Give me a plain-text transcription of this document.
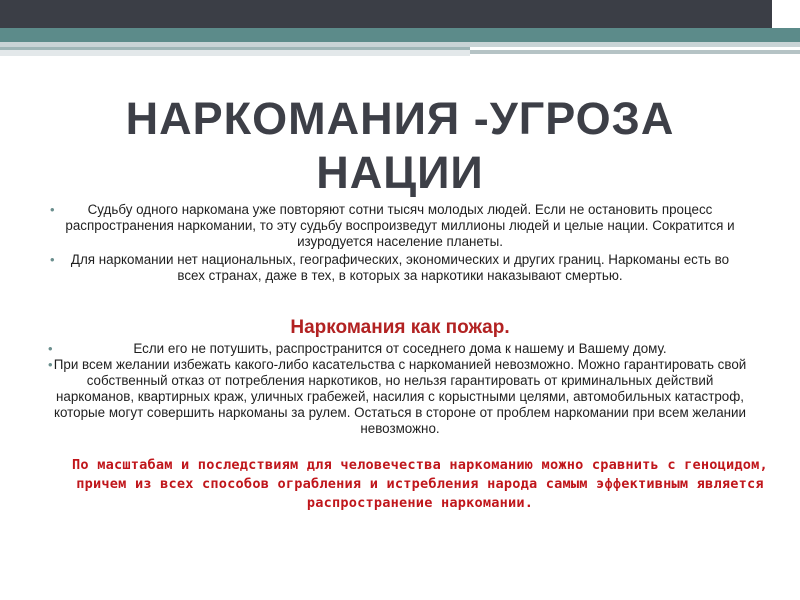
НАРКОМАНИЯ -УГРОЗА НАЦИИ
• Судьбу одного наркомана уже повторяют сотни тысяч молодых людей. Если не остановить процесс распространения наркомании, то эту судьбу воспроизведут миллионы людей и целые нации. Сократится и изуродуется население планеты.
• Для наркомании нет национальных, географических, экономических и других границ. Наркоманы есть во всех странах, даже в тех, в которых за наркотики наказывают смертью.
Наркомания как пожар.
•	Если его не потушить, распространится от соседнего дома к нашему и Вашему дому.
• При всем желании избежать какого-либо касательства с наркоманией невозможно. Можно гарантировать свой собственный отказ от потребления наркотиков, но нельзя гарантировать от криминальных действий наркоманов, квартирных краж, уличных грабежей, насилия с корыстными целями, автомобильных катастроф, которые могут совершить наркоманы за рулем. Остаться в стороне от проблем наркомании при всем желании невозможно.

По масштабам и последствиям для человечества наркоманию можно сравнить с геноцидом, причем из всех способов ограбления и истребления народа самым эффективным является распространение наркомании.
